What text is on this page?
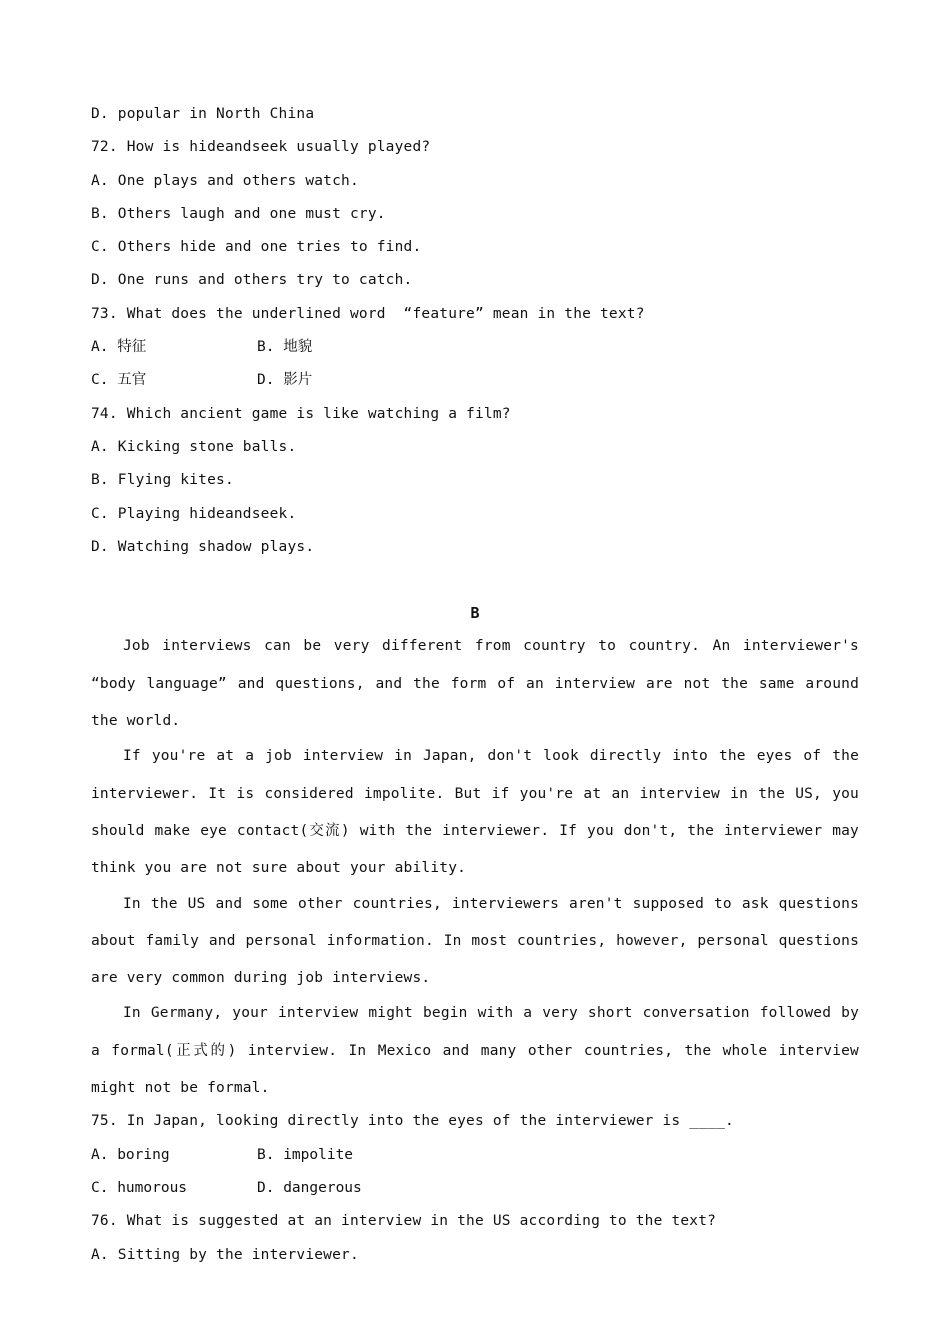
D. popular in North China
72. How is hideandseek usually played?
A. One plays and others watch.
B. Others laugh and one must cry.
C. Others hide and one tries to find.
D. One runs and others try to catch.
73. What does the underlined word  “feature” mean in the text?
A. 特征	B. 地貌
C. 五官	D. 影片
74. Which ancient game is like watching a film?
A. Kicking stone balls.
B. Flying kites.
C. Playing hideandseek.
D. Watching shadow plays.
B

Job interviews can be very different from country to country. An interviewer's “body language” and questions, and the form of an interview are not the same around the world.

If you're at a job interview in Japan, don't look directly into the eyes of the interviewer. It is considered impolite. But if you're at an interview in the US, you should make eye contact(交流) with the interviewer. If you don't, the interviewer may think you are not sure about your ability.

In the US and some other countries, interviewers aren't supposed to ask questions about family and personal information. In most countries, however, personal questions are very common during job interviews.

In Germany, your interview might begin with a very short conversation followed by a formal(正式的) interview. In Mexico and many other countries, the whole interview might not be formal.

75. In Japan, looking directly into the eyes of the interviewer is ____.
A. boring	B. impolite
C. humorous	D. dangerous
76. What is suggested at an interview in the US according to the text?
A. Sitting by the interviewer.
